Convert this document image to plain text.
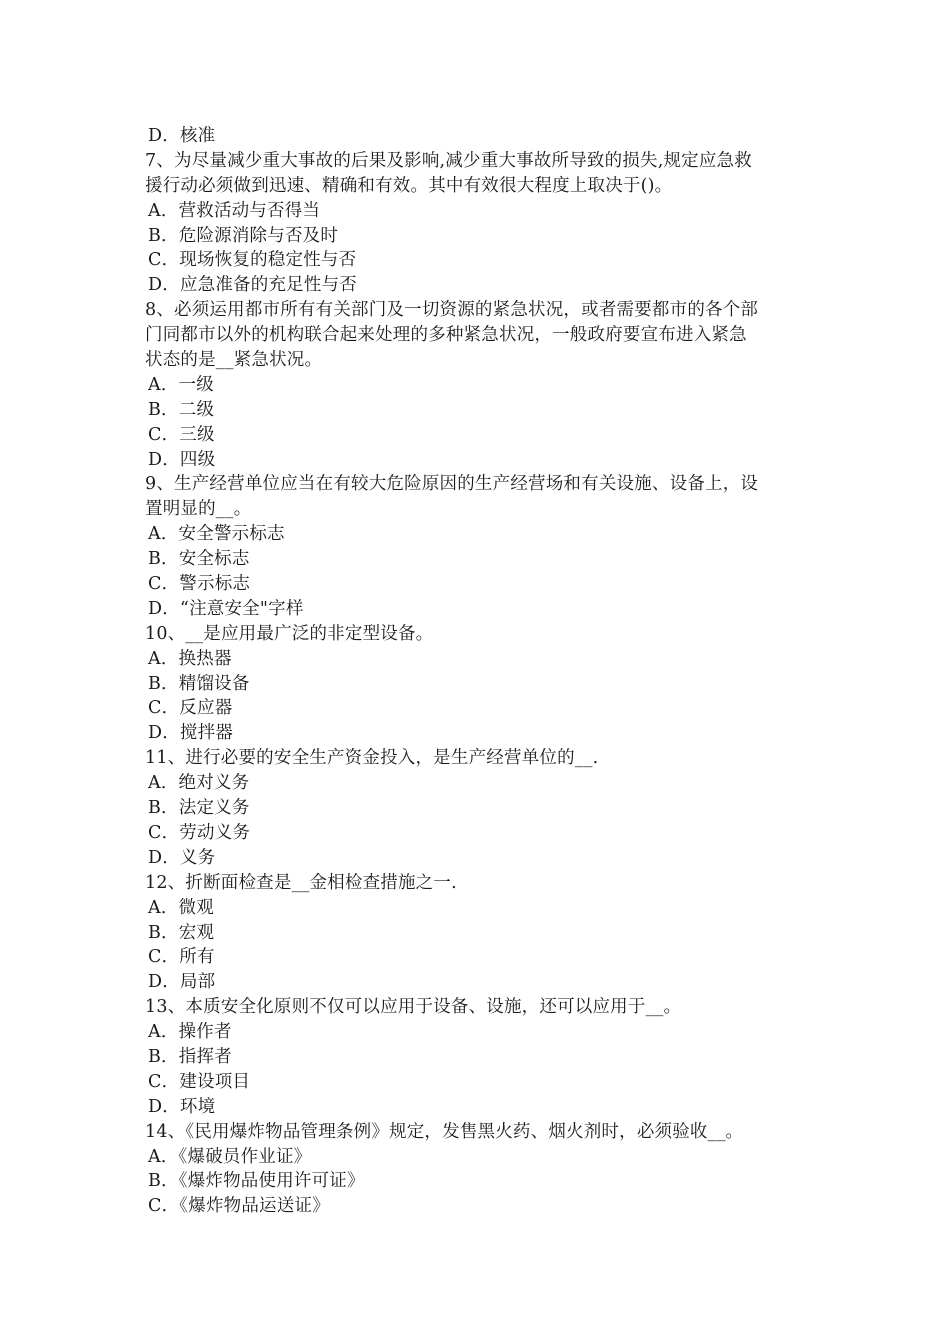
D．核准
7、为尽量减少重大事故的后果及影响,减少重大事故所导致的损失,规定应急救
援行动必须做到迅速、精确和有效。其中有效很大程度上取决于()。
A．营救活动与否得当
B．危险源消除与否及时
C．现场恢复的稳定性与否
D．应急准备的充足性与否
8、必须运用都市所有有关部门及一切资源的紧急状况，或者需要都市的各个部
门同都市以外的机构联合起来处理的多种紧急状况，一般政府要宣布进入紧急
状态的是__紧急状况。
A．一级
B．二级
C．三级
D．四级
9、生产经营单位应当在有较大危险原因的生产经营场和有关设施、设备上，设
置明显的__。
A．安全警示标志
B．安全标志
C．警示标志
D．“注意安全"字样
10、__是应用最广泛的非定型设备。
A．换热器
B．精馏设备
C．反应器
D．搅拌器
11、进行必要的安全生产资金投入，是生产经营单位的__.
A．绝对义务
B．法定义务
C．劳动义务
D．义务
12、折断面检查是__金相检查措施之一.
A．微观
B．宏观
C．所有
D．局部
13、本质安全化原则不仅可以应用于设备、设施，还可以应用于__。
A．操作者
B．指挥者
C．建设项目
D．环境
14、《民用爆炸物品管理条例》规定，发售黑火药、烟火剂时，必须验收__。
A．《爆破员作业证》
B．《爆炸物品使用许可证》
C．《爆炸物品运送证》
